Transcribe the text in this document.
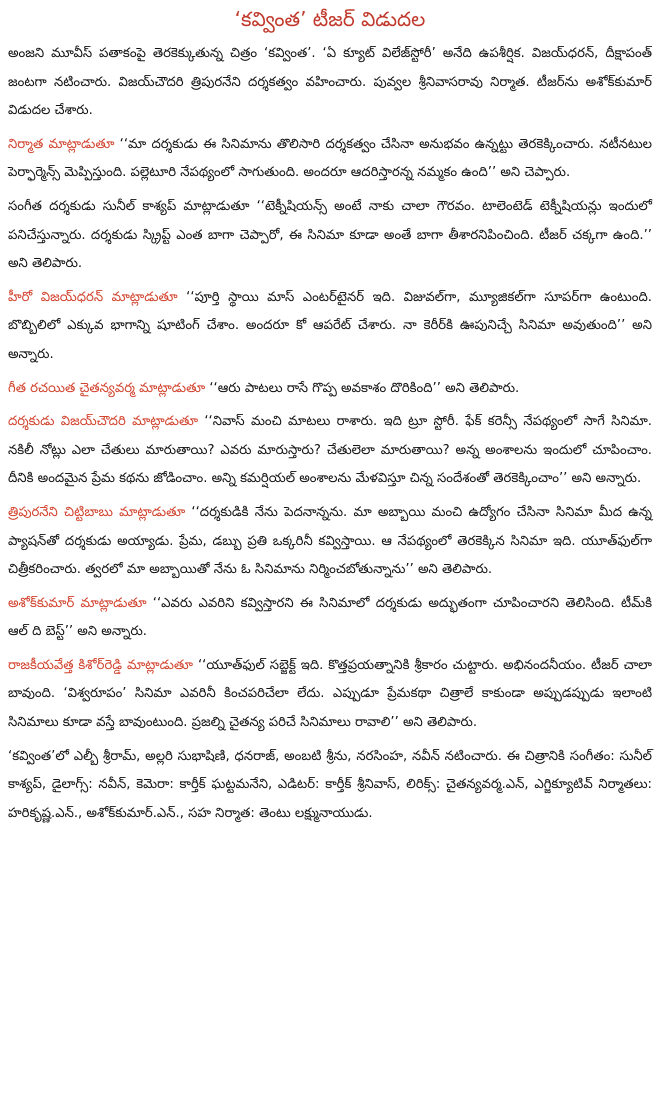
‘కవ్వింత’ టీజర్‌ విడుదల

అంజని మూవీస్ పతాకంపై తెరకెక్కుతున్న చిత్రం ‘కవ్వింత’. ‘ఏ క్యూట్ విలేజ్‌స్టోరీ’ అనేది ఉపశీర్షిక. విజయ్‌ధరన్, దీక్షాపంత్ జంటగా నటించారు. విజయ్‌చౌదరి త్రిపురనేని దర్శకత్వం వహించారు. పువ్వల శ్రీనివాసరావు నిర్మాత. టీజర్‌ను అశోక్‌కుమార్ విడుదల చేశారు.

నిర్మాత మాట్లాడుతూ ‘‘మా దర్శకుడు ఈ సినిమాను తొలిసారి దర్శకత్వం చేసినా అనుభవం ఉన్నట్టు తెరకెక్కించారు. నటీనటుల పెర్ఫార్మెన్స్ మెప్పిస్తుంది. పల్లెటూరి నేపథ్యంలో సాగుతుంది. అందరూ ఆదరిస్తారన్న నమ్మకం ఉంది’’ అని చెప్పారు.

సంగీత దర్శకుడు సునీల్ కాశ్యప్ మాట్లాడుతూ ‘‘టెక్నీషియన్స్ అంటే నాకు చాలా గౌరవం. టాలెంటెడ్ టెక్నీషియన్లు ఇందులో పనిచేస్తున్నారు. దర్శకుడు స్క్రిప్ట్ ఎంత బాగా చెప్పారో, ఈ సినిమా కూడా అంతే బాగా తీశారనిపించింది. టీజర్ చక్కగా ఉంది.’’ అని తెలిపారు.

హీరో విజయ్‌ధరన్ మాట్లాడుతూ ‘‘పూర్తి స్థాయి మాస్ ఎంటర్‌టైనర్ ఇది. విజువల్‌గా, మ్యూజికల్‌గా సూపర్‌గా ఉంటుంది. బొబ్బిలిలో ఎక్కువ భాగాన్ని షూటింగ్ చేశాం. అందరూ కో ఆపరేట్ చేశారు. నా కెరీర్‌కి ఊపునిచ్చే సినిమా అవుతుంది’’ అని అన్నారు.

గీత రచయిత చైతన్యవర్మ మాట్లాడుతూ ‘‘ఆరు పాటలు రాసే గొప్ప అవకాశం దొరికింది’’ అని తెలిపారు.

దర్శకుడు విజయ్‌చౌదరి మాట్లాడుతూ ‘‘నివాస్ మంచి మాటలు రాశారు. ఇది ట్రూ స్టోరీ. ఫేక్ కరెన్సీ నేపథ్యంలో సాగే సినిమా. నకిలీ నోట్లు ఎలా చేతులు మారుతాయి? ఎవరు మారుస్తారు? చేతులెలా మారుతాయి? అన్న అంశాలను ఇందులో చూపించాం. దీనికి అందమైన ప్రేమ కథను జోడించాం. అన్ని కమర్షియల్ అంశాలను మేళవిస్తూ చిన్న సందేశంతో తెరకెక్కించాం’’ అని అన్నారు.

త్రిపురనేని చిట్టిబాబు మాట్లాడుతూ ‘‘దర్శకుడికి నేను పెదనాన్నను. మా అబ్బాయి మంచి ఉద్యోగం చేసినా సినిమా మీద ఉన్న ప్యాషన్‌తో దర్శకుడు అయ్యాడు. ప్రేమ, డబ్బు ప్రతి ఒక్కరినీ కవ్విస్తాయి. ఆ నేపథ్యంలో తెరకెక్కిన సినిమా ఇది. యూత్‌ఫుల్‌గా చిత్రీకరించారు. త్వరలో మా అబ్బాయితో నేను ఓ సినిమాను నిర్మించబోతున్నాను’’ అని తెలిపారు.

అశోక్‌కుమార్ మాట్లాడుతూ ‘‘ఎవరు ఎవరిని కవ్విస్తారని ఈ సినిమాలో దర్శకుడు అద్భుతంగా చూపించారని తెలిసింది. టీమ్‌కి ఆల్ ది బెస్ట్’’ అని అన్నారు.

రాజకీయవేత్త కిశోర్‌రెడ్డి మాట్లాడుతూ ‘‘యూత్‌ఫుల్ సబ్జెక్ట్ ఇది. కొత్తప్రయత్నానికి శ్రీకారం చుట్టారు. అభినందనీయం. టీజర్ చాలా బావుంది. ‘విశ్వరూపం’ సినిమా ఎవరినీ కించపరిచేలా లేదు. ఎప్పుడూ ప్రేమకథా చిత్రాలే కాకుండా అప్పుడప్పుడు ఇలాంటి సినిమాలు కూడా వస్తే బావుంటుంది. ప్రజల్ని చైతన్య పరిచే సినిమాలు రావాలి’’ అని తెలిపారు.

‘కవ్వింత’లో ఎల్బీ శ్రీరామ్, అల్లరి సుభాషిణి, ధనరాజ్, అంబటి శ్రీను, నరసింహ, నవీన్ నటించారు. ఈ చిత్రానికి సంగీతం: సునీల్ కాశ్యప్, డైలాగ్స్: నవీన్, కెమెరా: కార్తీక్ ఘట్టమనేని, ఎడిటర్: కార్తీక్ శ్రీనివాస్, లిరిక్స్: చైతన్యవర్మ.ఎన్, ఎగ్జిక్యూటివ్ నిర్మాతలు: హరికృష్ణ.ఎన్., అశోక్‌కుమార్.ఎన్., సహ నిర్మాత: తెంటు లక్ష్మునాయుడు.
